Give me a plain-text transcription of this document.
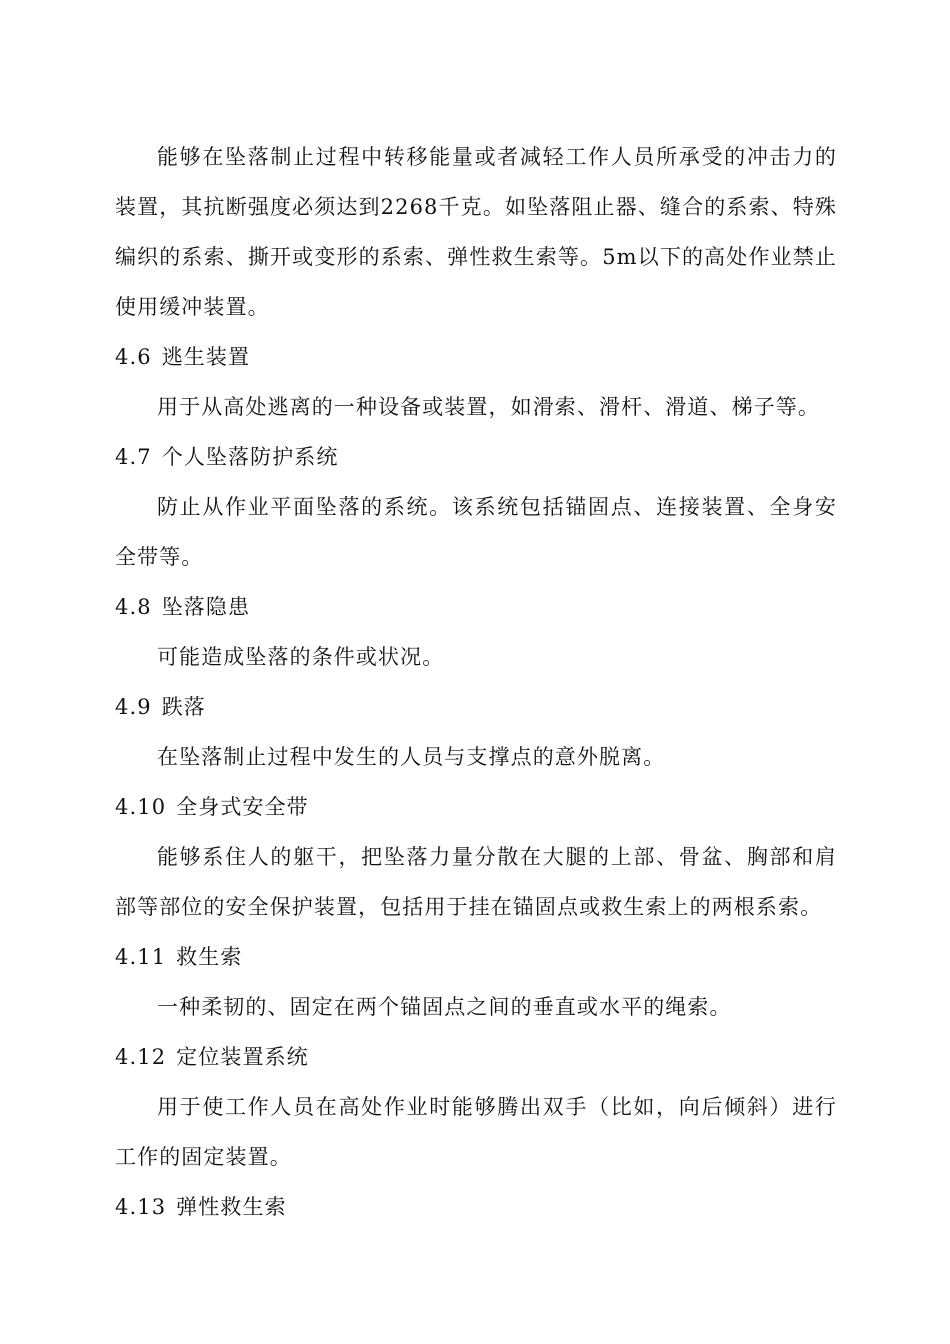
能够在坠落制止过程中转移能量或者减轻工作人员所承受的冲击力的装置，其抗断强度必须达到2268千克。如坠落阻止器、缝合的系索、特殊编织的系索、撕开或变形的系索、弹性救生索等。5m以下的高处作业禁止使用缓冲装置。

4.6 逃生装置

用于从高处逃离的一种设备或装置，如滑索、滑杆、滑道、梯子等。

4.7 个人坠落防护系统

防止从作业平面坠落的系统。该系统包括锚固点、连接装置、全身安全带等。

4.8 坠落隐患

可能造成坠落的条件或状况。

4.9 跌落

在坠落制止过程中发生的人员与支撑点的意外脱离。

4.10 全身式安全带

能够系住人的躯干，把坠落力量分散在大腿的上部、骨盆、胸部和肩部等部位的安全保护装置，包括用于挂在锚固点或救生索上的两根系索。

4.11 救生索

一种柔韧的、固定在两个锚固点之间的垂直或水平的绳索。

4.12 定位装置系统

用于使工作人员在高处作业时能够腾出双手（比如，向后倾斜）进行工作的固定装置。

4.13 弹性救生索
